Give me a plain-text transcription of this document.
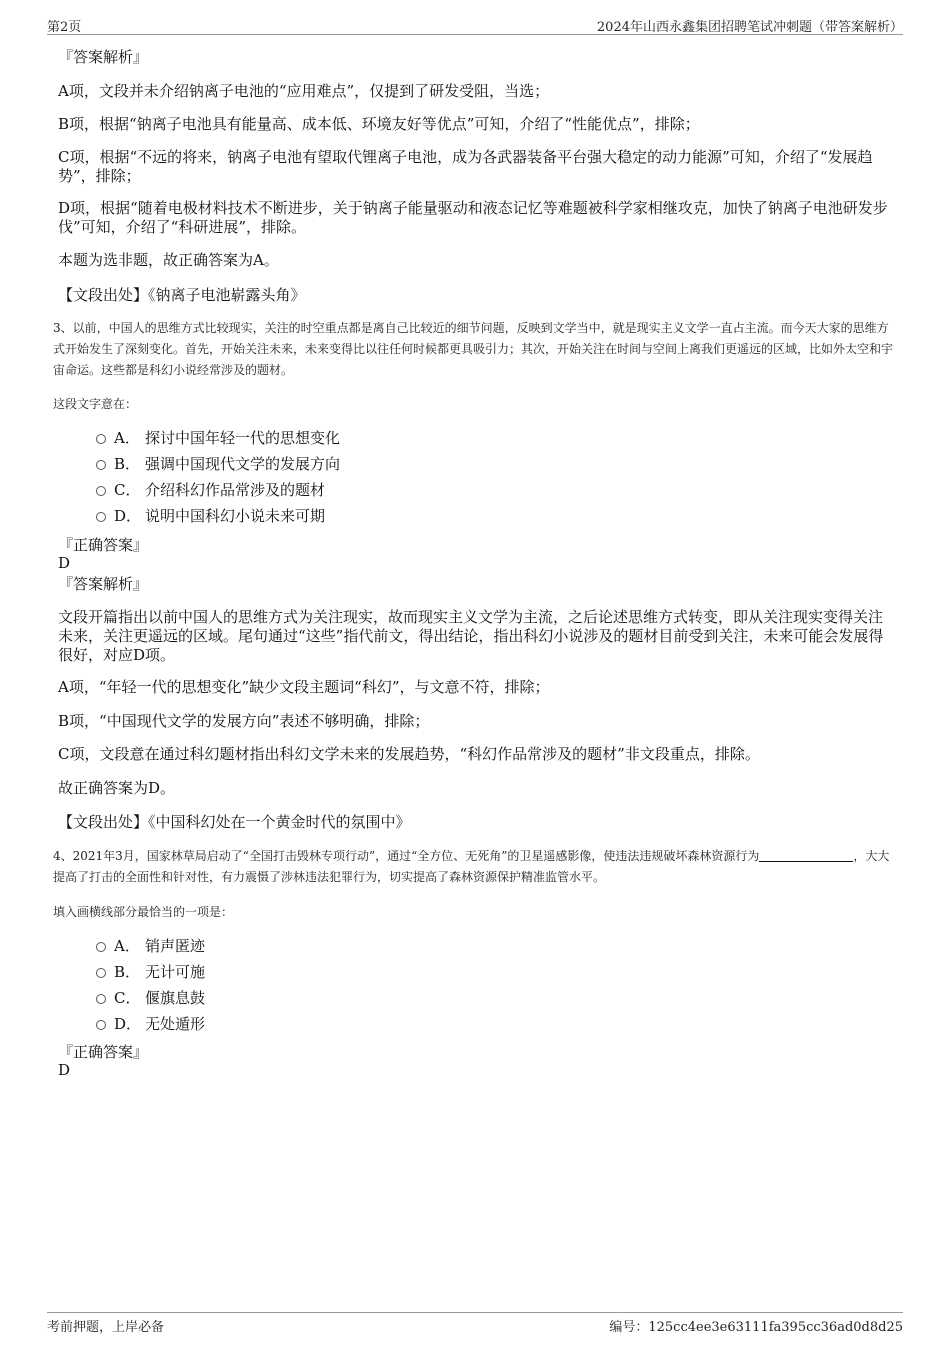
第2页	2024年山西永鑫集团招聘笔试冲刺题（带答案解析）
『答案解析』
A项，文段并未介绍钠离子电池的“应用难点”，仅提到了研发受阻，当选；
B项，根据“钠离子电池具有能量高、成本低、环境友好等优点”可知，介绍了“性能优点”，排除；
C项，根据“不远的将来，钠离子电池有望取代锂离子电池，成为各武器装备平台强大稳定的动力能源”可知，介绍了“发展趋势”，排除；
D项，根据“随着电极材料技术不断进步，关于钠离子能量驱动和液态记忆等难题被科学家相继攻克，加快了钠离子电池研发步伐”可知，介绍了“科研进展”，排除。
本题为选非题，故正确答案为A。
【文段出处】《钠离子电池崭露头角》
3、以前，中国人的思维方式比较现实，关注的时空重点都是离自己比较近的细节问题，反映到文学当中，就是现实主义文学一直占主流。而今天大家的思维方式开始发生了深刻变化。首先，开始关注未来，未来变得比以往任何时候都更具吸引力；其次，开始关注在时间与空间上离我们更遥远的区域，比如外太空和宇宙命运。这些都是科幻小说经常涉及的题材。
这段文字意在：
A． 探讨中国年轻一代的思想变化
B． 强调中国现代文学的发展方向
C． 介绍科幻作品常涉及的题材
D． 说明中国科幻小说未来可期
『正确答案』
D
『答案解析』
文段开篇指出以前中国人的思维方式为关注现实，故而现实主义文学为主流，之后论述思维方式转变，即从关注现实变得关注未来，关注更遥远的区域。尾句通过“这些”指代前文，得出结论，指出科幻小说涉及的题材目前受到关注，未来可能会发展得很好，对应D项。
A项，“年轻一代的思想变化”缺少文段主题词“科幻”，与文意不符，排除；
B项，“中国现代文学的发展方向”表述不够明确，排除；
C项，文段意在通过科幻题材指出科幻文学未来的发展趋势，“科幻作品常涉及的题材”非文段重点，排除。
故正确答案为D。
【文段出处】《中国科幻处在一个黄金时代的氛围中》
4、2021年3月，国家林草局启动了“全国打击毁林专项行动”，通过“全方位、无死角”的卫星遥感影像，使违法违规破坏森林资源行为	，大大提高了打击的全面性和针对性，有力震慑了涉林违法犯罪行为，切实提高了森林资源保护精准监管水平。
填入画横线部分最恰当的一项是：
A． 销声匿迹
B． 无计可施
C． 偃旗息鼓
D． 无处遁形
『正确答案』
D
考前押题，上岸必备	编号：125cc4ee3e63111fa395cc36ad0d8d25
